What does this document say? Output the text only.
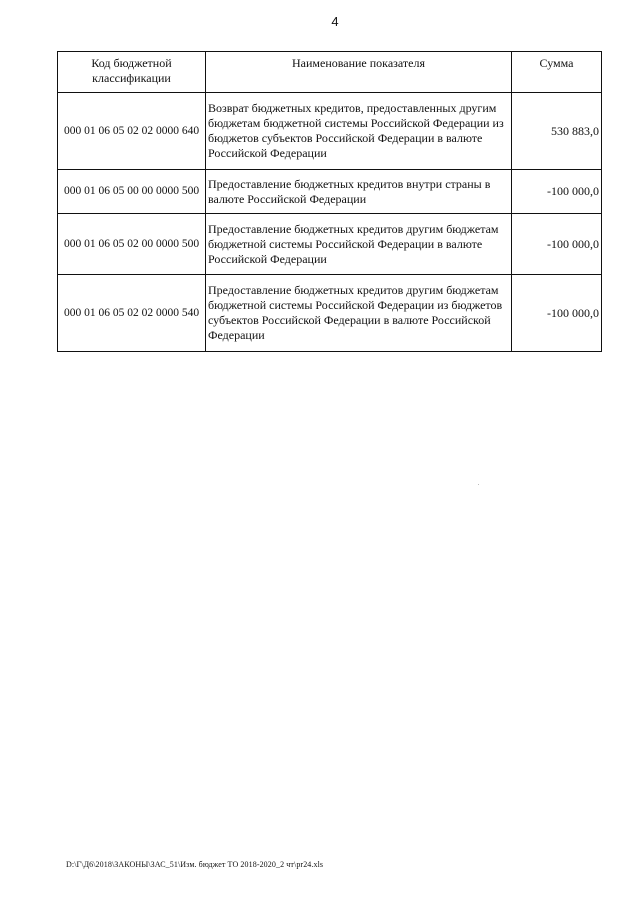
4
Код бюджетной классификации	Наименование показателя	Сумма
000 01 06 05 02 02 0000 640	Возврат бюджетных кредитов, предоставленных другим бюджетам бюджетной системы Российской Федерации из бюджетов субъектов Российской Федерации в валюте Российской Федерации	530 883,0
000 01 06 05 00 00 0000 500	Предоставление бюджетных кредитов внутри страны в валюте Российской Федерации	-100 000,0
000 01 06 05 02 00 0000 500	Предоставление бюджетных кредитов другим бюджетам бюджетной системы Российской Федерации в валюте Российской Федерации	-100 000,0
000 01 06 05 02 02 0000 540	Предоставление бюджетных кредитов другим бюджетам бюджетной системы Российской Федерации из бюджетов субъектов Российской Федерации в валюте Российской Федерации	-100 000,0
D:\Г\Д6\2018\ЗАКОНЫ\ЗАС_51\Изм. бюджет ТО 2018-2020_2 чт\pr24.xls
